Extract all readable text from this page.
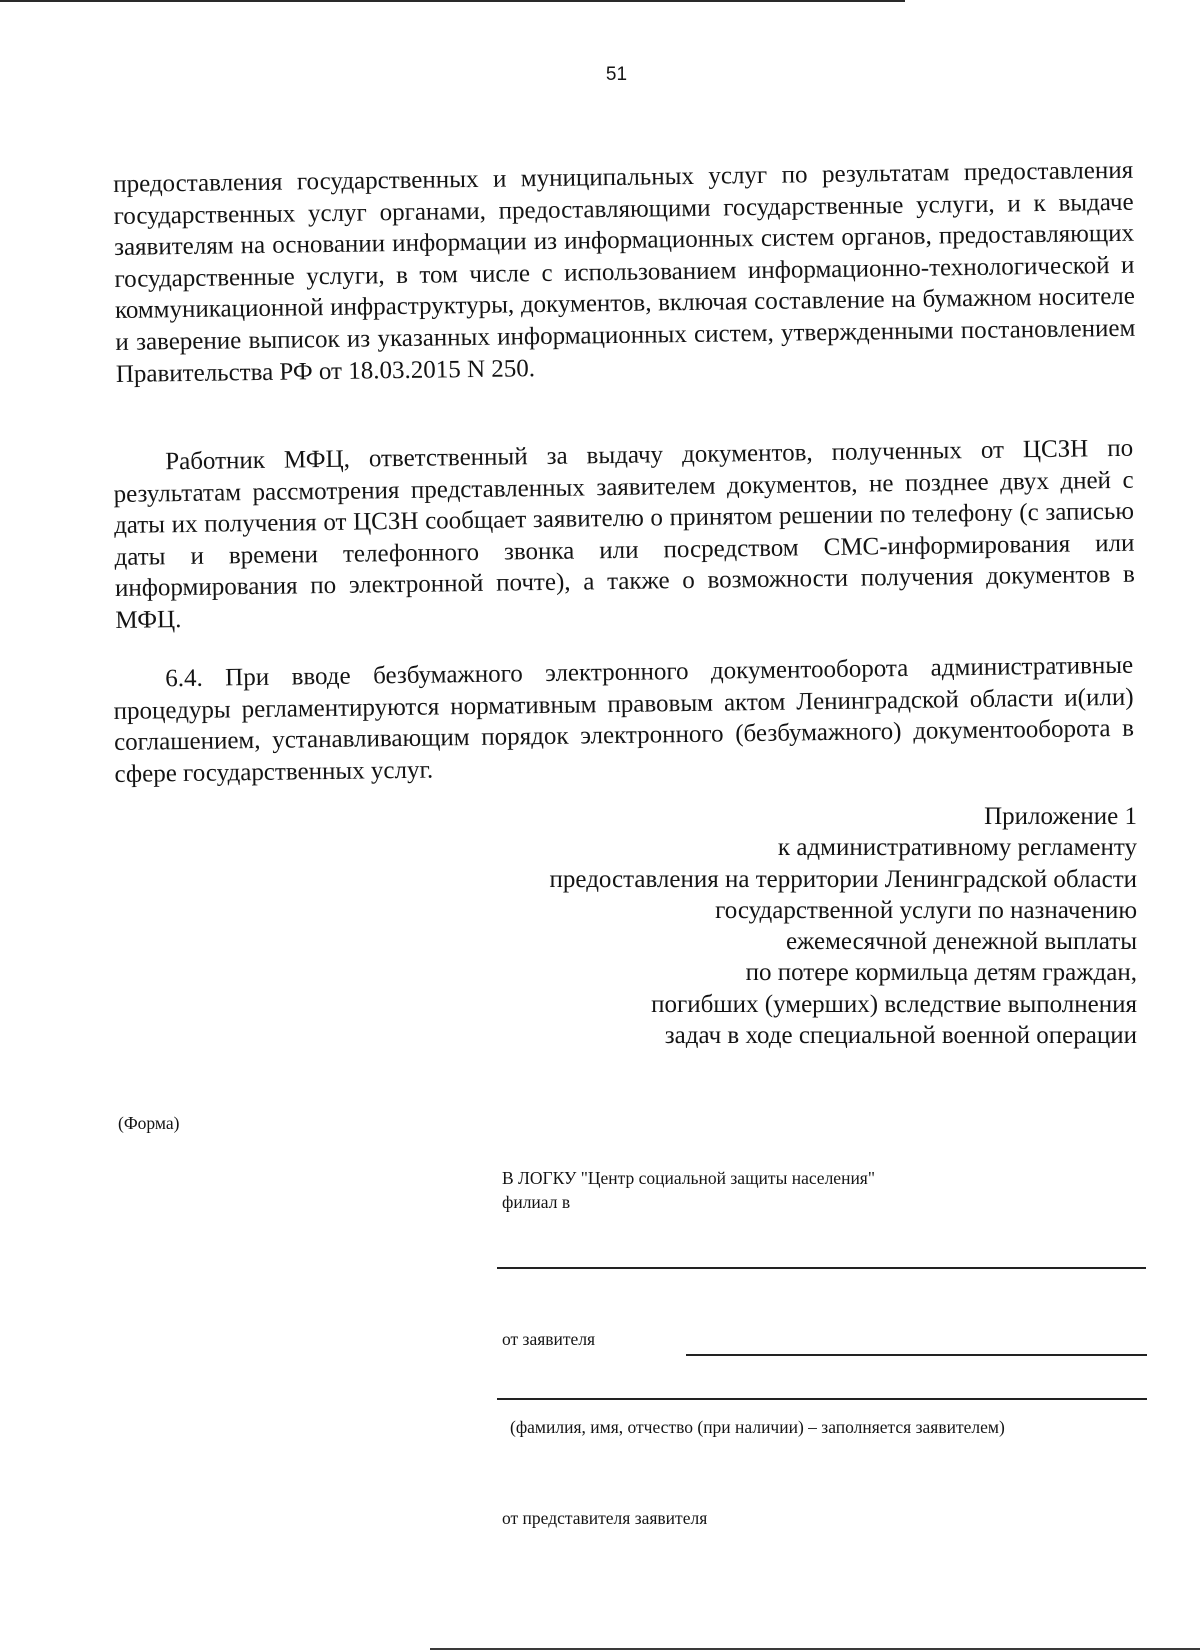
51

предоставления государственных и муниципальных услуг по результатам предоставления государственных услуг органами, предоставляющими государственные услуги, и к выдаче заявителям на основании информации из информационных систем органов, предоставляющих государственные услуги, в том числе с использованием информационно-технологической и коммуникационной инфраструктуры, документов, включая составление на бумажном носителе и заверение выписок из указанных информационных систем, утвержденными постановлением Правительства РФ от 18.03.2015 N 250.

Работник МФЦ, ответственный за выдачу документов, полученных от ЦСЗН по результатам рассмотрения представленных заявителем документов, не позднее двух дней с даты их получения от ЦСЗН сообщает заявителю о принятом решении по телефону (с записью даты и времени телефонного звонка или посредством СМС-информирования или информирования по электронной почте), а также о возможности получения документов в МФЦ.

6.4. При вводе безбумажного электронного документооборота административные процедуры регламентируются нормативным правовым актом Ленинградской области и(или) соглашением, устанавливающим порядок электронного (безбумажного) документооборота в сфере государственных услуг.

Приложение 1
к административному регламенту
предоставления на территории Ленинградской области
государственной услуги по назначению
ежемесячной денежной выплаты
по потере кормильца детям граждан,
погибших (умерших) вследствие выполнения
задач в ходе специальной военной операции
(Форма)
В ЛОГКУ "Центр социальной защиты населения"
филиал в
от заявителя
(фамилия, имя, отчество (при наличии) – заполняется заявителем)
от представителя заявителя
